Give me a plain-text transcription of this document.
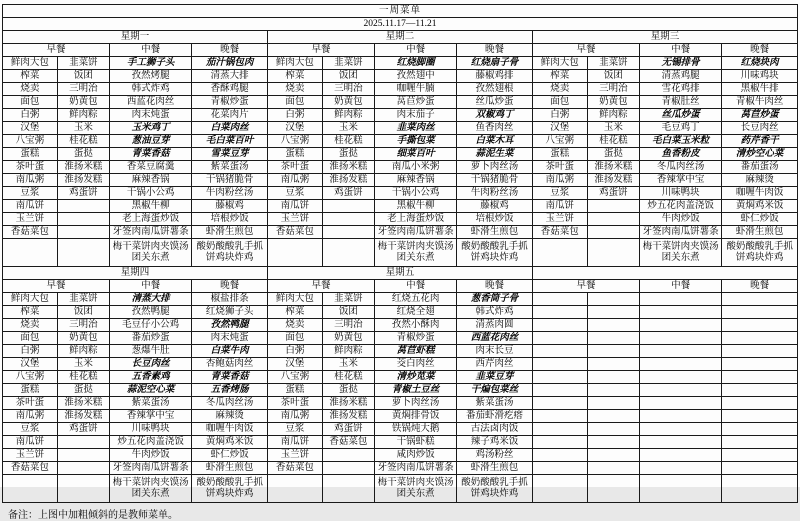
一周菜单											
2025.11.17—11.21											
星期一				星期二				星期三			
早餐		中餐	晚餐	早餐		中餐	晚餐	早餐		中餐	晚餐
鲜肉大包	韭菜饼	手工狮子头	茄汁锅包肉	鲜肉大包	韭菜饼	红烧脚圈	红烧扇子骨	鲜肉大包	韭菜饼	无锡排骨	红烧块肉
榨菜	饭团	孜然烤腿	清蒸大排	榨菜	饭团	孜然翅中	藤椒鸡排	榨菜	饭团	清蒸鸡腿	川味鸡块
烧卖	三明治	韩式炸鸡	香酥鸡腿	烧卖	三明治	咖喱牛腩	孜然翅根	烧卖	三明治	雪花鸡排	黑椒牛排
面包	奶黄包	西蓝花肉丝	青椒炒蛋	面包	奶黄包	莴苣炒蛋	丝瓜炒蛋	面包	奶黄包	青椒肚丝	青椒牛肉丝
白粥	鲜肉粽	肉末炖蛋	花菜肉片	白粥	鲜肉粽	肉末茄子	双椒鸡丁	白粥	鲜肉粽	丝瓜炒蛋	莴苣炒蛋
汉堡	玉米	玉米鸡丁	白菜肉丝	汉堡	玉米	韭菜肉丝	鱼香肉丝	汉堡	玉米	毛豆鸡丁	长豆肉丝
八宝粥	桂花糕	葱油豆芽	毛白菜百叶	八宝粥	桂花糕	手撕包菜	白菜木耳	八宝粥	桂花糕	毛白菜玉米粒	药芹香干
蛋糕	蛋挞	青菜香菇	雪菜豆芽	蛋糕	蛋挞	细菜百叶	蒜泥生菜	蛋糕	蛋挞	鱼香粉皮	清炒空心菜
茶叶蛋	淮扬米糕	香菜豆腐羹	紫菜蛋汤	茶叶蛋	淮扬米糕	南瓜小米粥	萝卜肉丝汤	茶叶蛋	淮扬米糕	冬瓜肉丝汤	番茄蛋汤
南瓜粥	淮扬发糕	麻辣香锅	干锅猪脆骨	南瓜粥	淮扬发糕	麻辣香锅	干锅猪脆骨	南瓜粥	淮扬发糕	香辣掌中宝	麻辣烫
豆浆	鸡蛋饼	干锅小公鸡	牛肉粉丝汤	豆浆	鸡蛋饼	干锅小公鸡	牛肉粉丝汤	豆浆	鸡蛋饼	川味鸭块	咖喱牛肉饭
南瓜饼		黑椒牛柳	藤椒鸡	南瓜饼		黑椒牛柳	藤椒鸡	南瓜饼		炒五花肉盖浇饭	黄焖鸡米饭
玉兰饼		老上海蛋炒饭	培根炒饭	玉兰饼		老上海蛋炒饭	培根炒饭	玉兰饼		牛肉炒饭	虾仁炒饭
香菇菜包		牙签肉南瓜饼薯条	虾滑生煎包	香菇菜包		牙签肉南瓜饼薯条	虾滑生煎包	香菇菜包		牙签肉南瓜饼薯条	虾滑生煎包
		梅干菜饼肉夹馍汤团关东煮	酸奶酸酸乳手抓饼鸡块炸鸡			梅干菜饼肉夹馍汤团关东煮	酸奶酸酸乳手抓饼鸡块炸鸡			梅干菜饼肉夹馍汤团关东煮	酸奶酸酸乳手抓饼鸡块炸鸡
星期四				星期五							
早餐		中餐	晚餐	早餐		中餐	晚餐	早餐		中餐	晚餐
鲜肉大包	韭菜饼	清蒸大排	椒盐排条	鲜肉大包	韭菜饼	红烧五花肉	葱香筒子骨				
榨菜	饭团	孜然鸭腿	红烧狮子头	榨菜	饭团	红烧全翅	韩式炸鸡				
烧卖	三明治	毛豆仔小公鸡	孜然鸭腿	烧卖	三明治	孜然小酥肉	清蒸肉圆				
面包	奶黄包	番茄炒蛋	肉末炖蛋	面包	奶黄包	青椒炒蛋	西蓝花肉丝				
白粥	鲜肉粽	葱爆牛肚	白菜牛肉	白粥	鲜肉粽	莴苣虾糕	肉末长豆				
汉堡	玉米	长豆肉丝	杏鲍菇肉丝	汉堡	玉米	茭白肉丝	西芹肉丝				
八宝粥	桂花糕	五香素鸡	青菜香菇	八宝粥	桂花糕	清炒苋菜	韭菜豆芽				
蛋糕	蛋挞	蒜泥空心菜	五香烤肠	蛋糕	蛋挞	青椒土豆丝	干煸包菜丝				
茶叶蛋	淮扬米糕	紫菜蛋汤	冬瓜肉丝汤	茶叶蛋	淮扬米糕	萝卜肉丝汤	紫菜蛋汤				
南瓜粥	淮扬发糕	香辣掌中宝	麻辣烫	南瓜粥	淮扬发糕	黄焖排骨饭	番茄虾滑疙瘩				
豆浆	鸡蛋饼	川味鸭块	咖喱牛肉饭	豆浆	鸡蛋饼	铁锅炖大鹅	古法卤肉饭				
南瓜饼		炒五花肉盖浇饭	黄焖鸡米饭	南瓜饼	香菇菜包	干锅虾糕	辣子鸡米饭				
玉兰饼		牛肉炒饭	虾仁炒饭	玉兰饼		咸肉炒饭	鸡汤粉丝				
香菇菜包		牙签肉南瓜饼薯条	虾滑生煎包	香菇菜包		牙签肉南瓜饼薯条	虾滑生煎包				
		梅干菜饼肉夹馍汤团关东煮	酸奶酸酸乳手抓饼鸡块炸鸡			梅干菜饼肉夹馍汤团关东煮	酸奶酸酸乳手抓饼鸡块炸鸡				
备注：上图中加粗倾斜的是教师菜单。
